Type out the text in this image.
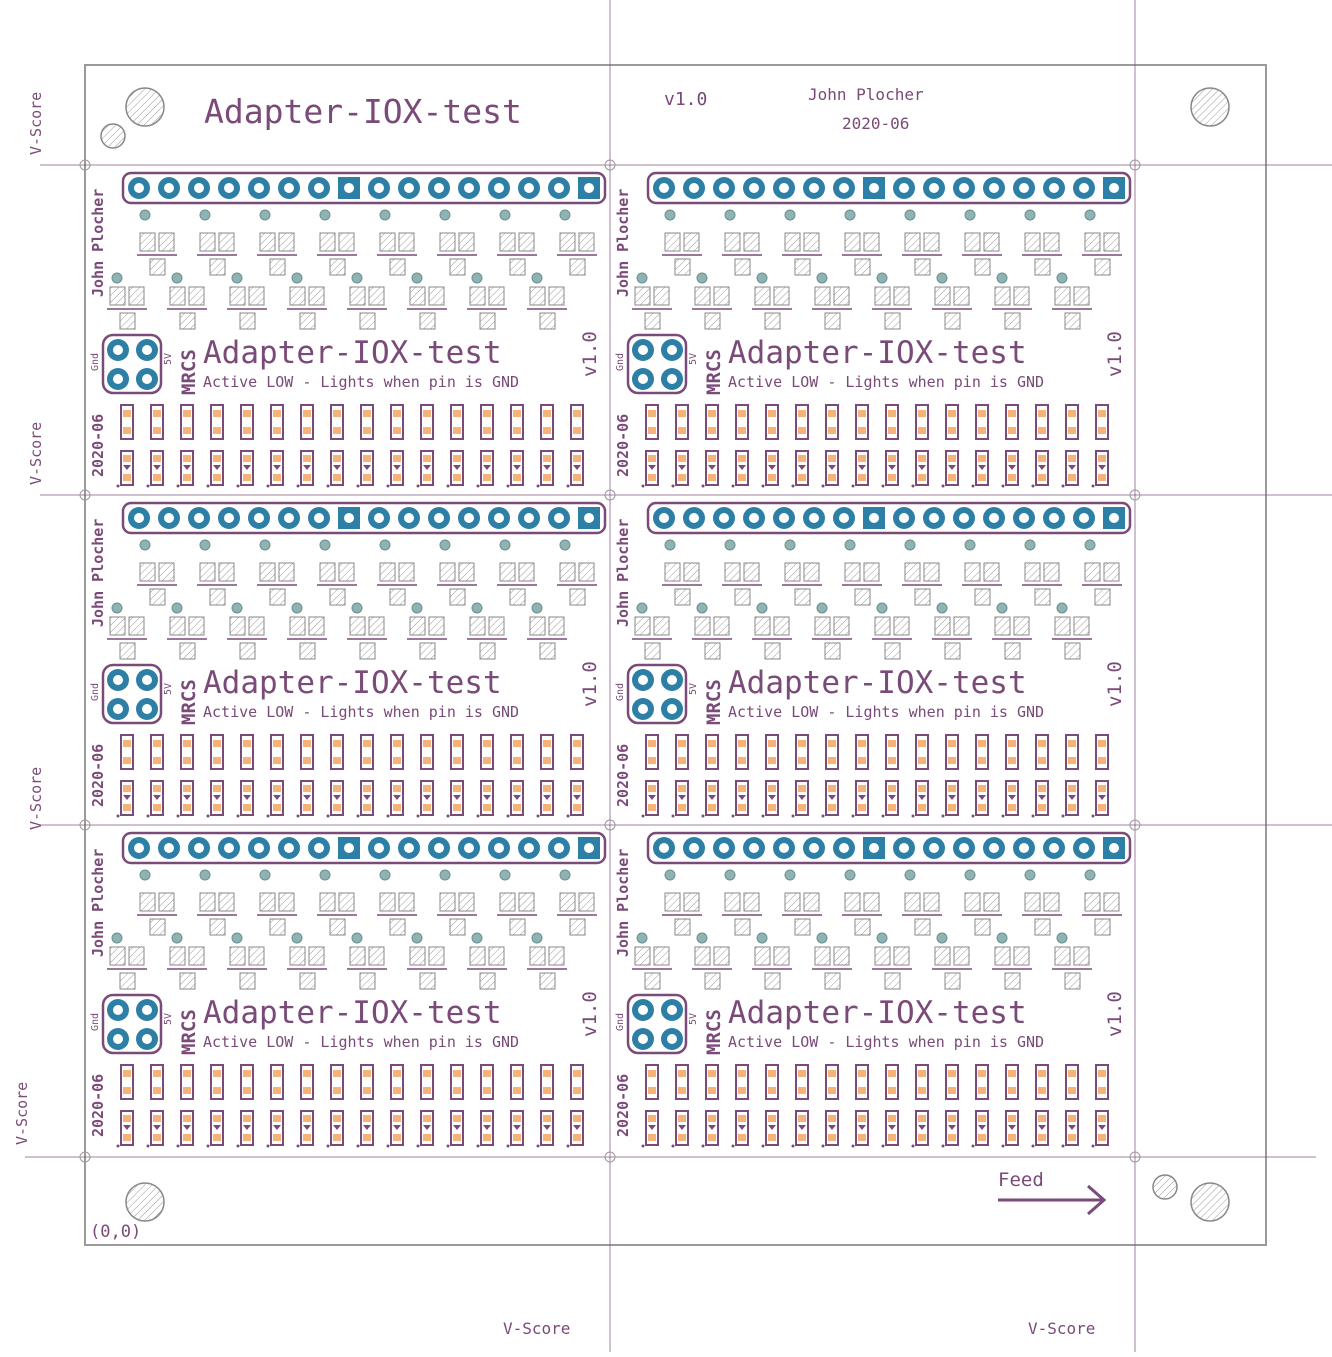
Adapter-IOX-test	v1.0	John Plocher
2020-06
(0,0)
Feed
V-Score
V-Score
V-Score
V-Score
V-Score	V-Score
Gnd	5V
John Plocher
2020-06
MRCS	v1.0
Adapter-IOX-test
Active LOW - Lights when pin is GND
Gnd	5V
John Plocher
2020-06
MRCS	v1.0
Adapter-IOX-test
Active LOW - Lights when pin is GND
Gnd	5V
John Plocher
2020-06
MRCS	v1.0
Adapter-IOX-test
Active LOW - Lights when pin is GND
Gnd	5V
John Plocher
2020-06
MRCS	v1.0
Adapter-IOX-test
Active LOW - Lights when pin is GND
Gnd	5V
John Plocher
2020-06
MRCS	v1.0
Adapter-IOX-test
Active LOW - Lights when pin is GND
Gnd	5V
John Plocher
2020-06
MRCS	v1.0
Adapter-IOX-test
Active LOW - Lights when pin is GND
